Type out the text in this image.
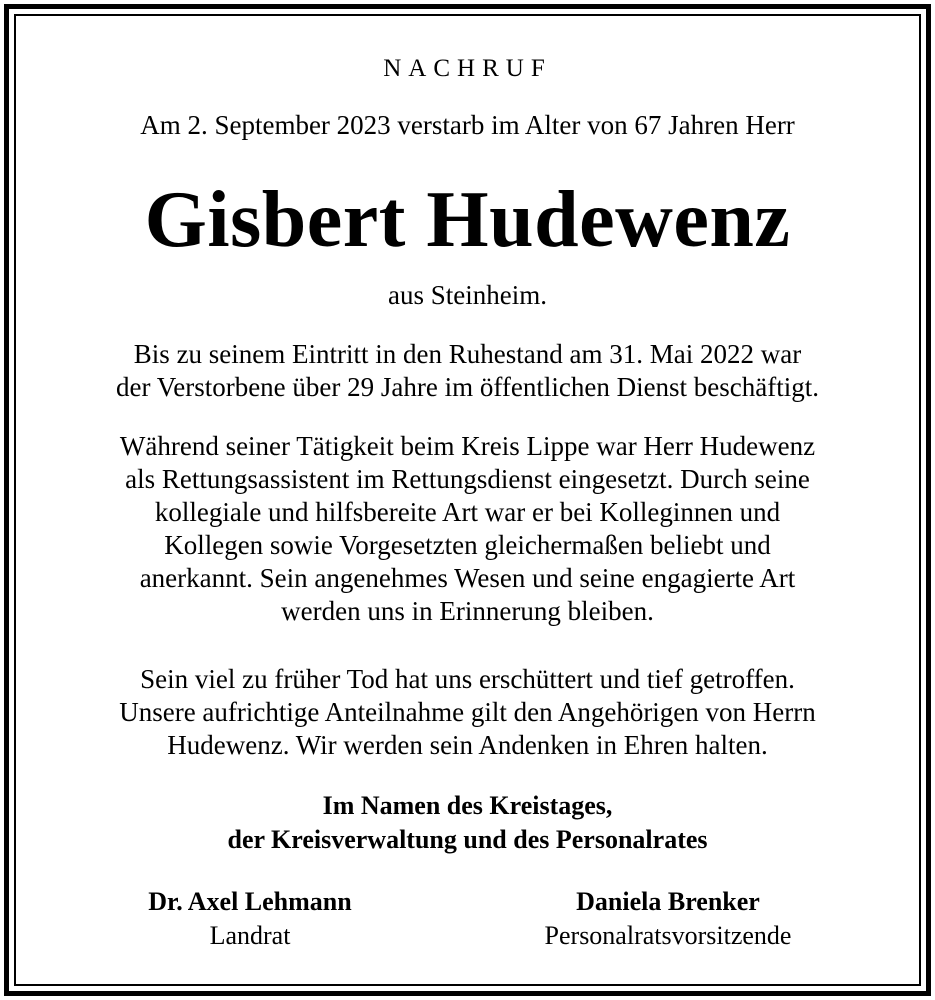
NACHRUF
Am 2. September 2023 verstarb im Alter von 67 Jahren Herr
Gisbert Hudewenz
aus Steinheim.
Bis zu seinem Eintritt in den Ruhestand am 31. Mai 2022 war
der Verstorbene über 29 Jahre im öffentlichen Dienst beschäftigt.
Während seiner Tätigkeit beim Kreis Lippe war Herr Hudewenz
als Rettungsassistent im Rettungsdienst eingesetzt. Durch seine
kollegiale und hilfsbereite Art war er bei Kolleginnen und
Kollegen sowie Vorgesetzten gleichermaßen beliebt und
anerkannt. Sein angenehmes Wesen und seine engagierte Art
werden uns in Erinnerung bleiben.
Sein viel zu früher Tod hat uns erschüttert und tief getroffen.
Unsere aufrichtige Anteilnahme gilt den Angehörigen von Herrn
Hudewenz. Wir werden sein Andenken in Ehren halten.
Im Namen des Kreistages,
der Kreisverwaltung und des Personalrates
Dr. Axel Lehmann
Landrat
Daniela Brenker
Personalratsvorsitzende
